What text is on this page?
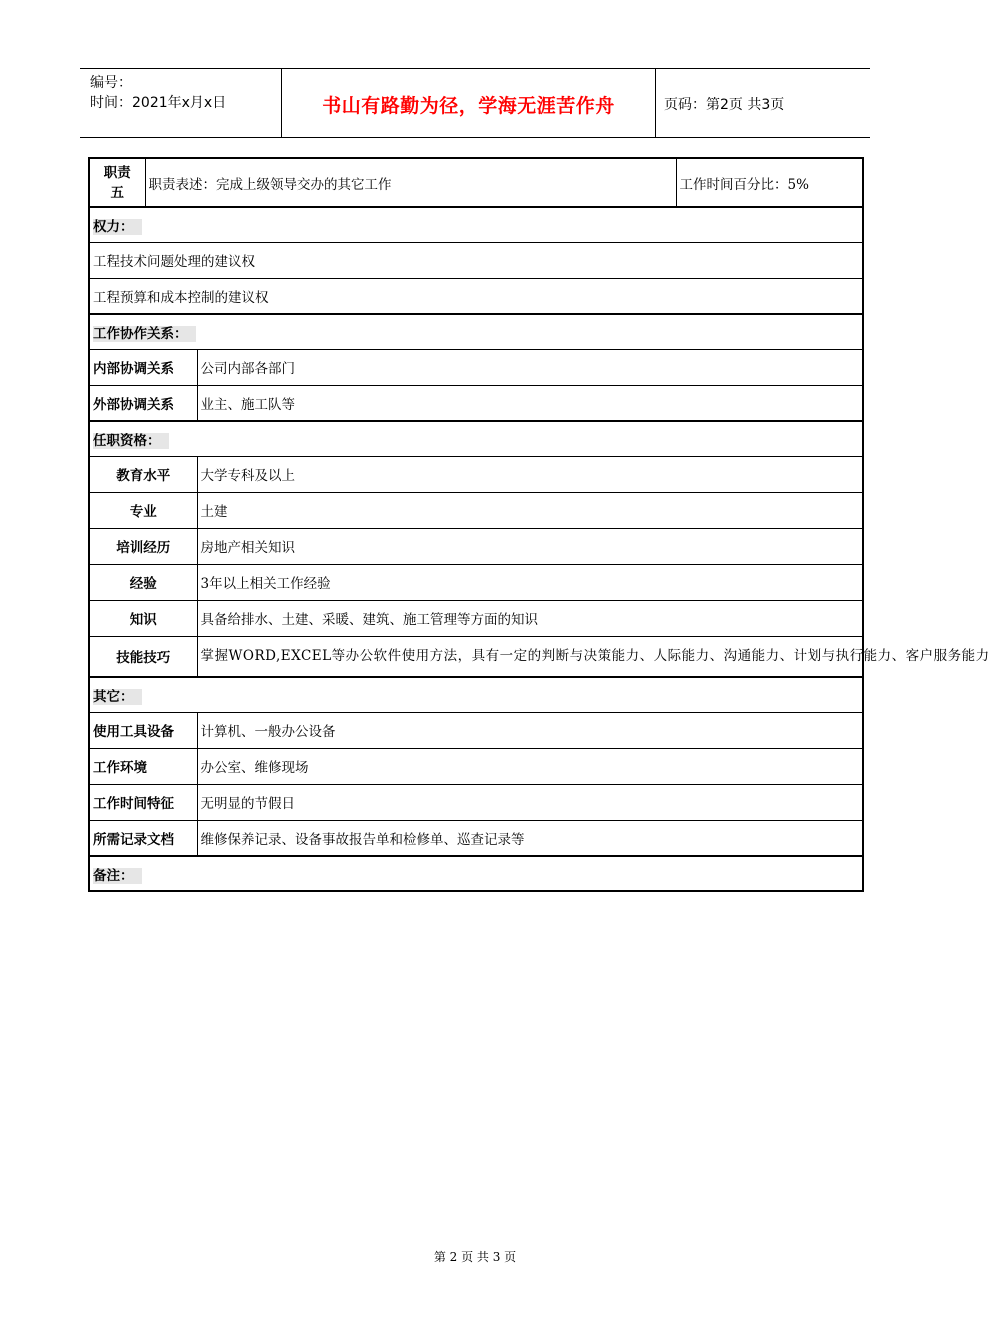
编号：
时间：2021年x月x日	书山有路勤为径，学海无涯苦作舟	页码：第2页 共3页
职责
五	职责表述：完成上级领导交办的其它工作		工作时间百分比：5%
权力：			
工程技术问题处理的建议权			
工程预算和成本控制的建议权			
工作协作关系：			
内部协调关系		公司内部各部门	
外部协调关系		业主、施工队等	
任职资格：			
教育水平		大学专科及以上	
专业		土建	
培训经历		房地产相关知识	
经验		3年以上相关工作经验	
知识		具备给排水、土建、采暖、建筑、施工管理等方面的知识	
技能技巧		掌握WORD,EXCEL等办公软件使用方法，具有一定的判断与决策能力、人际能力、沟通能力、计划与执行能力、客户服务能力	
其它：			
使用工具设备		计算机、一般办公设备	
工作环境		办公室、维修现场	
工作时间特征		无明显的节假日	
所需记录文档		维修保养记录、设备事故报告单和检修单、巡查记录等	
备注：			
第 2 页 共 3 页
